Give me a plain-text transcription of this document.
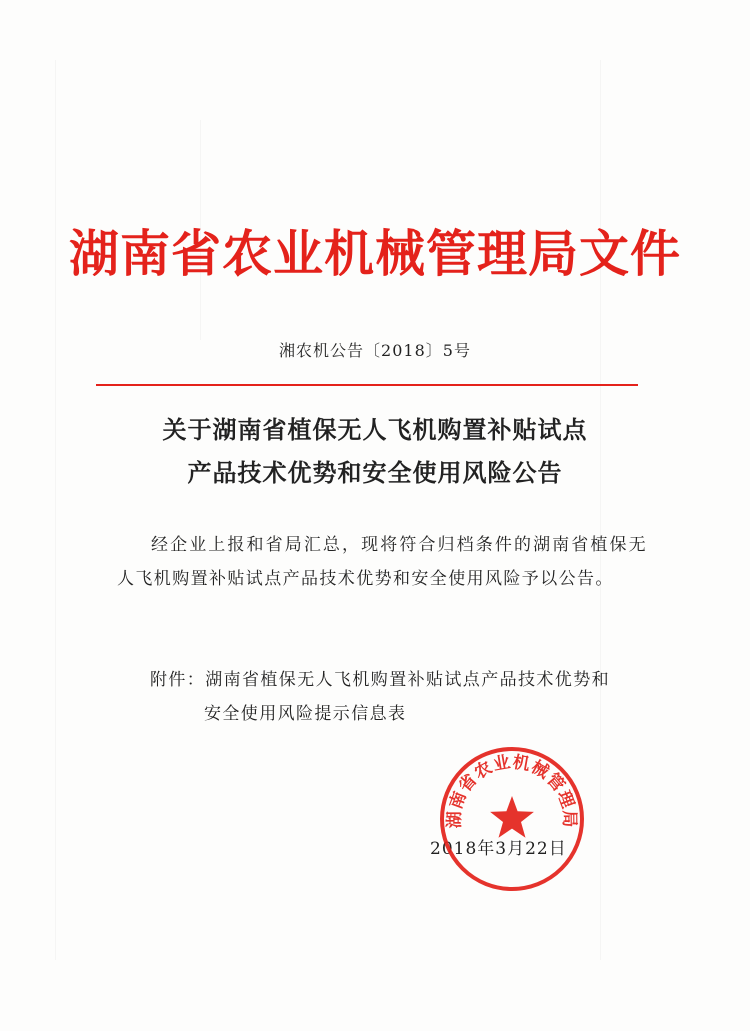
湖南省农业机械管理局文件
湘农机公告〔2018〕5号
关于湖南省植保无人飞机购置补贴试点
产品技术优势和安全使用风险公告
经企业上报和省局汇总，现将符合归档条件的湖南省植保无人飞机购置补贴试点产品技术优势和安全使用风险予以公告。
附件：湖南省植保无人飞机购置补贴试点产品技术优势和
安全使用风险提示信息表
2018年3月22日
湖南省农业机械管理局
